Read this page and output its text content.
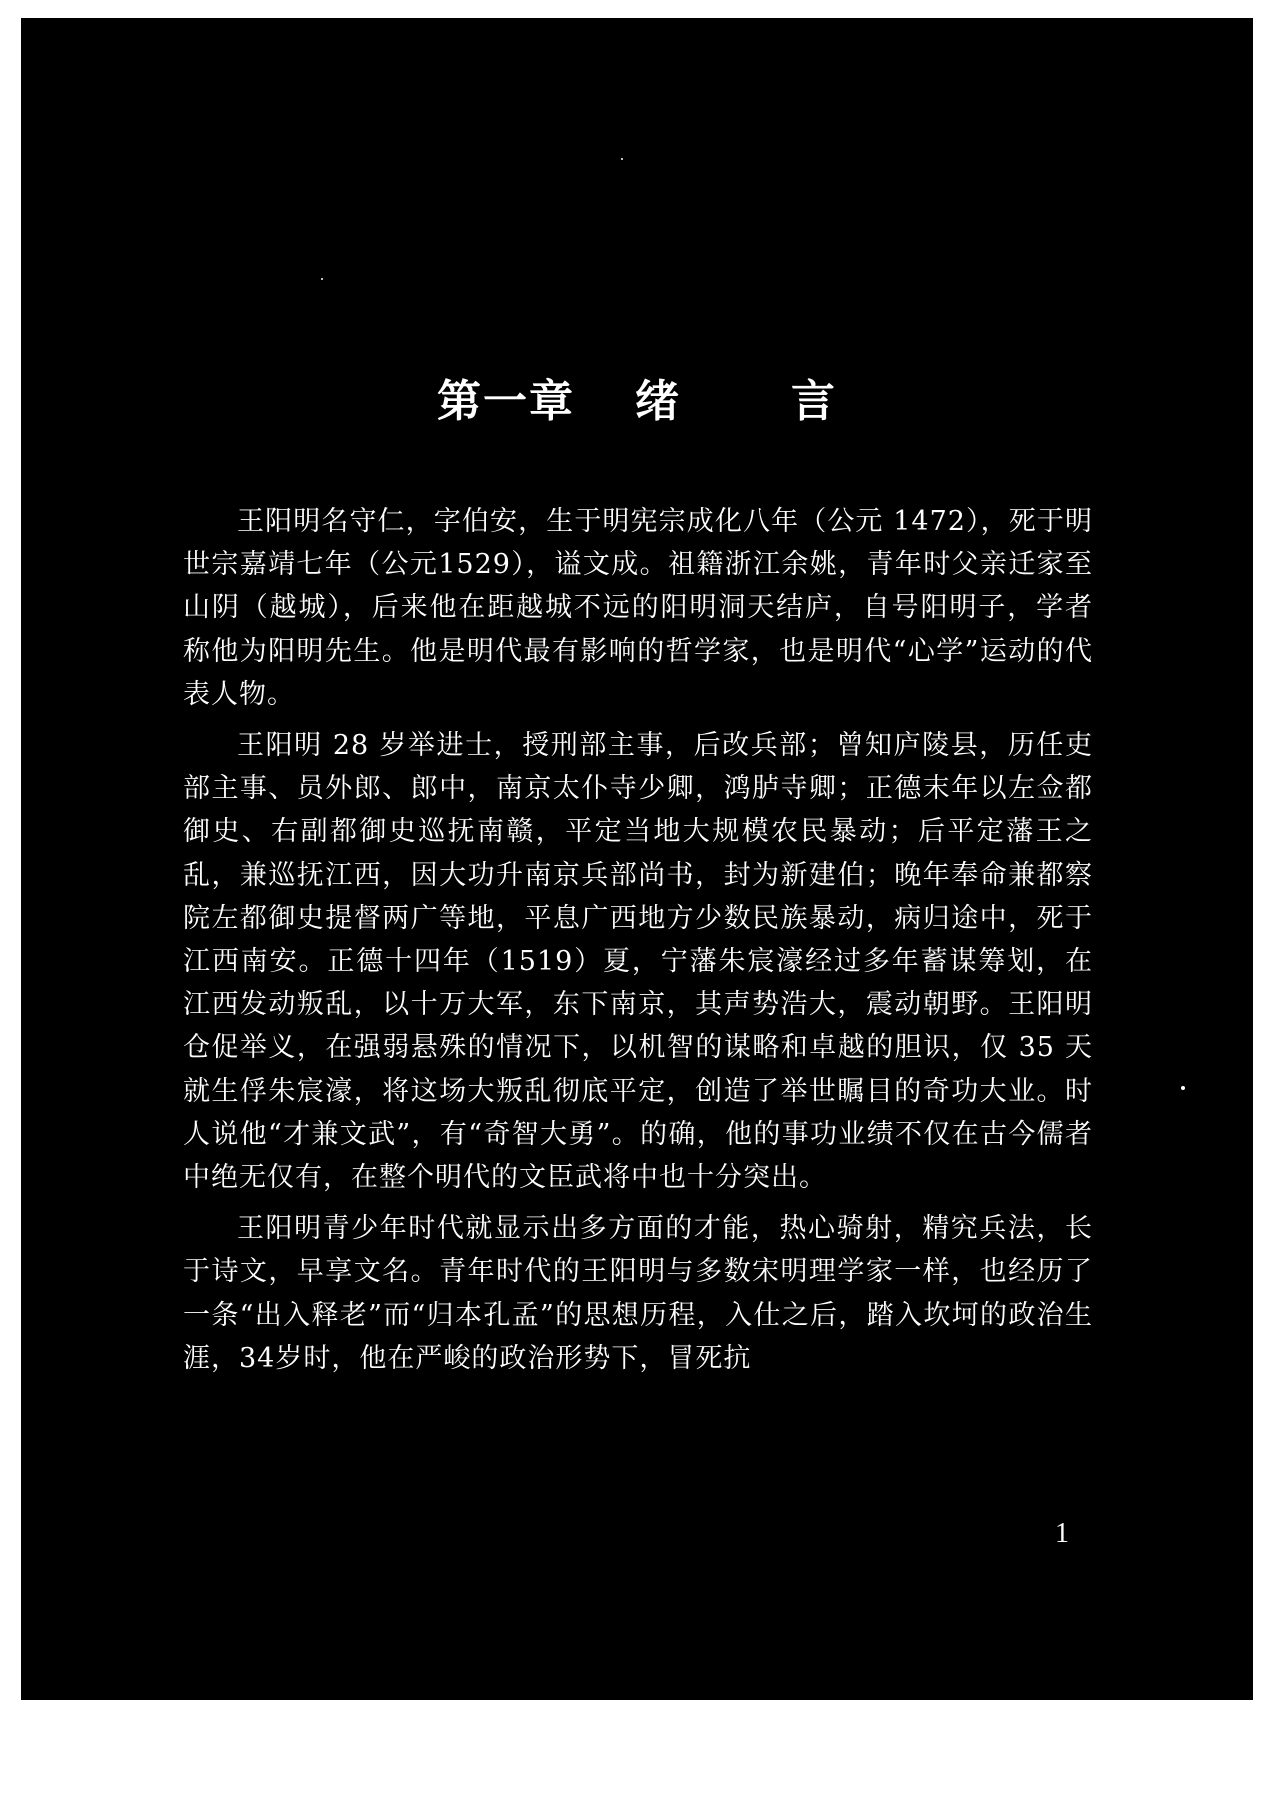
第一章 绪	言

王阳明名守仁，字伯安，生于明宪宗成化八年（公元 1472），死于明世宗嘉靖七年（公元1529），谥文成。祖籍浙江余姚，青年时父亲迁家至山阴（越城），后来他在距越城不远的阳明洞天结庐，自号阳明子，学者称他为阳明先生。他是明代最有影响的哲学家，也是明代“心学”运动的代表人物。

王阳明 28 岁举进士，授刑部主事，后改兵部；曾知庐陵县，历任吏部主事、员外郎、郎中，南京太仆寺少卿，鸿胪寺卿；正德末年以左佥都御史、右副都御史巡抚南赣，平定当地大规模农民暴动；后平定藩王之乱，兼巡抚江西，因大功升南京兵部尚书，封为新建伯；晚年奉命兼都察院左都御史提督两广等地，平息广西地方少数民族暴动，病归途中，死于江西南安。正德十四年（1519）夏，宁藩朱宸濠经过多年蓄谋筹划，在江西发动叛乱，以十万大军，东下南京，其声势浩大，震动朝野。王阳明仓促举义，在强弱悬殊的情况下，以机智的谋略和卓越的胆识，仅 35 天就生俘朱宸濠，将这场大叛乱彻底平定，创造了举世瞩目的奇功大业。时人说他“才兼文武”，有“奇智大勇”。的确，他的事功业绩不仅在古今儒者中绝无仅有，在整个明代的文臣武将中也十分突出。

王阳明青少年时代就显示出多方面的才能，热心骑射，精究兵法，长于诗文，早享文名。青年时代的王阳明与多数宋明理学家一样，也经历了一条“出入释老”而“归本孔孟”的思想历程，入仕之后，踏入坎坷的政治生涯，34岁时，他在严峻的政治形势下，冒死抗

1
